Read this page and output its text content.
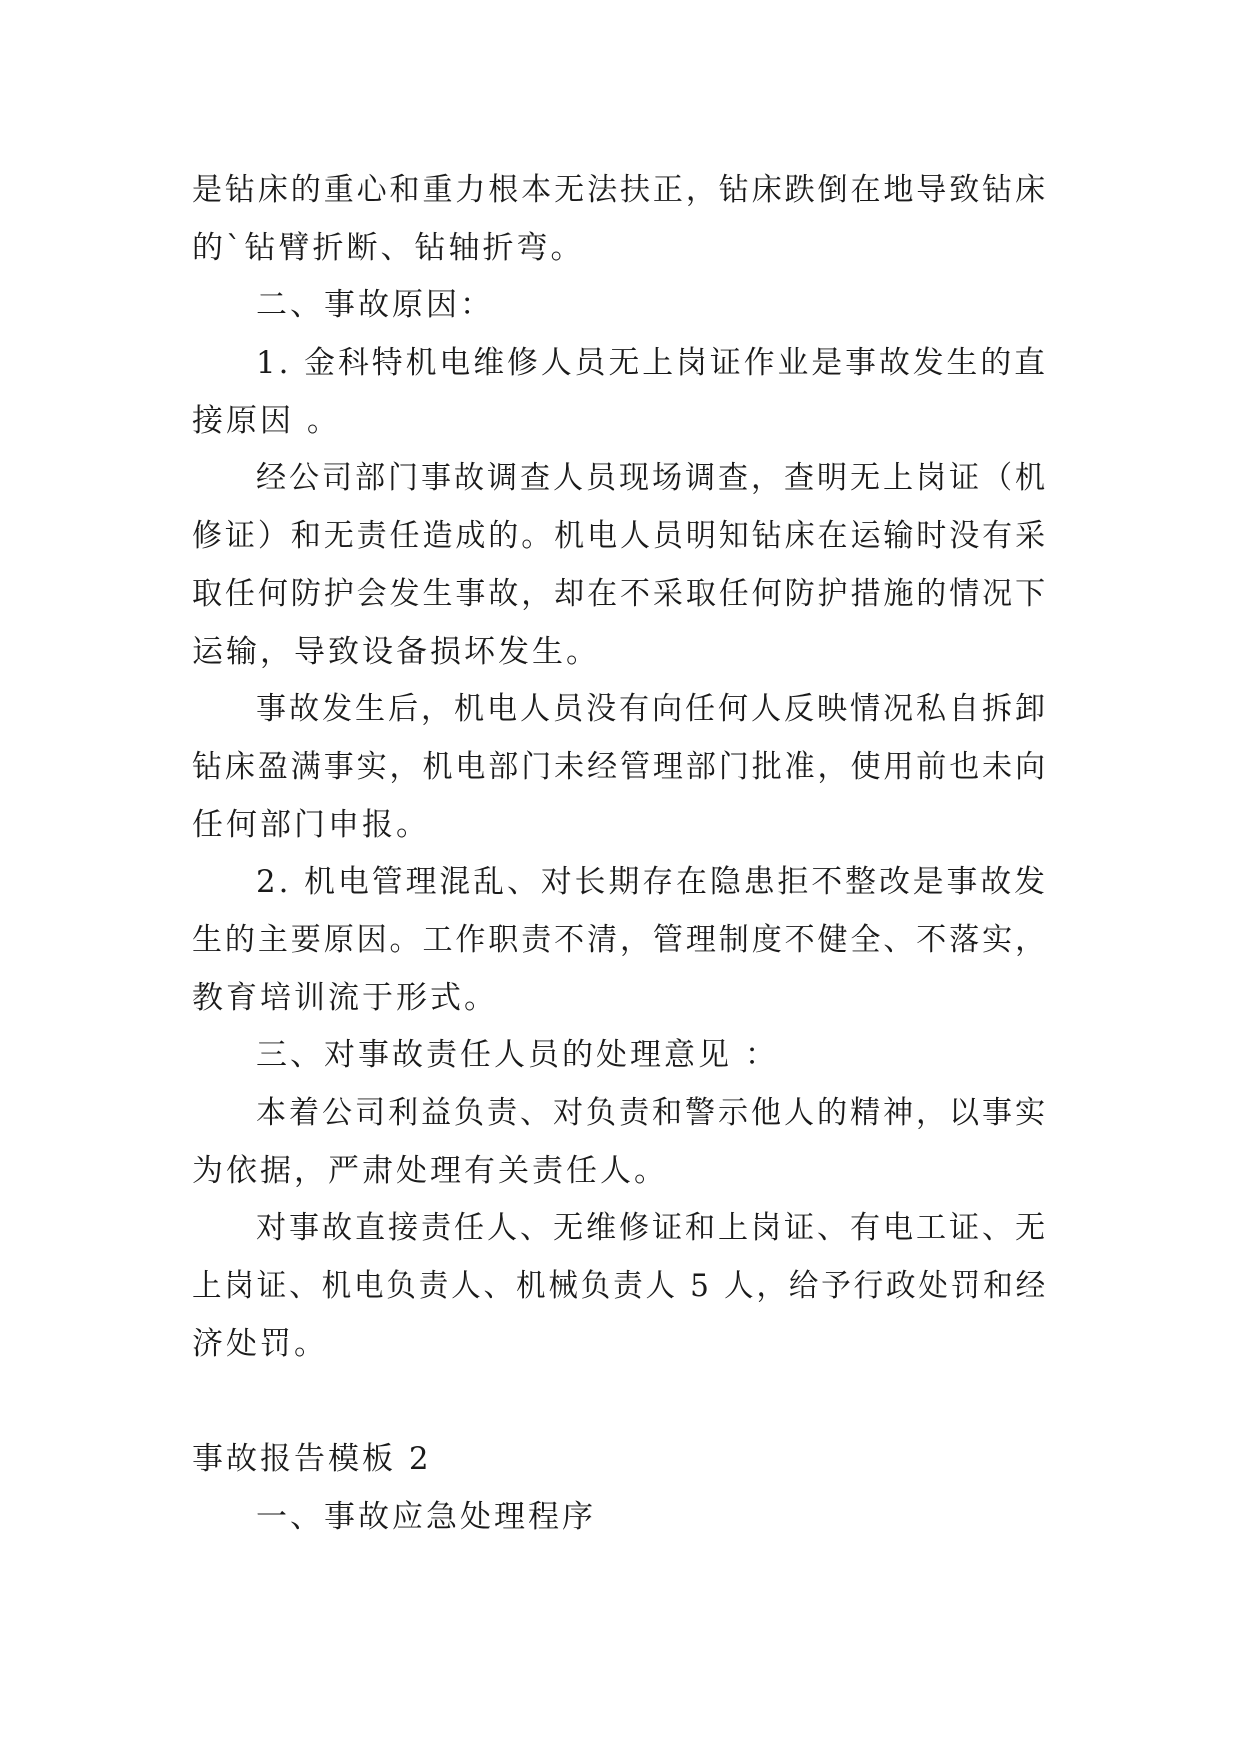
是钻床的重心和重力根本无法扶正，钻床跌倒在地导致钻床
的`钻臂折断、钻轴折弯。
二、事故原因：
1. 金科特机电维修人员无上岗证作业是事故发生的直
接原因 。
经公司部门事故调查人员现场调查，查明无上岗证（机
修证）和无责任造成的。机电人员明知钻床在运输时没有采
取任何防护会发生事故，却在不采取任何防护措施的情况下
运输，导致设备损坏发生。
事故发生后，机电人员没有向任何人反映情况私自拆卸
钻床盈满事实，机电部门未经管理部门批准，使用前也未向
任何部门申报。
2. 机电管理混乱、对长期存在隐患拒不整改是事故发
生的主要原因。工作职责不清，管理制度不健全、不落实，
教育培训流于形式。
三、对事故责任人员的处理意见 ：
本着公司利益负责、对负责和警示他人的精神，以事实
为依据，严肃处理有关责任人。
对事故直接责任人、无维修证和上岗证、有电工证、无
上岗证、机电负责人、机械负责人 5 人，给予行政处罚和经
济处罚。
事故报告模板 2
一、事故应急处理程序
